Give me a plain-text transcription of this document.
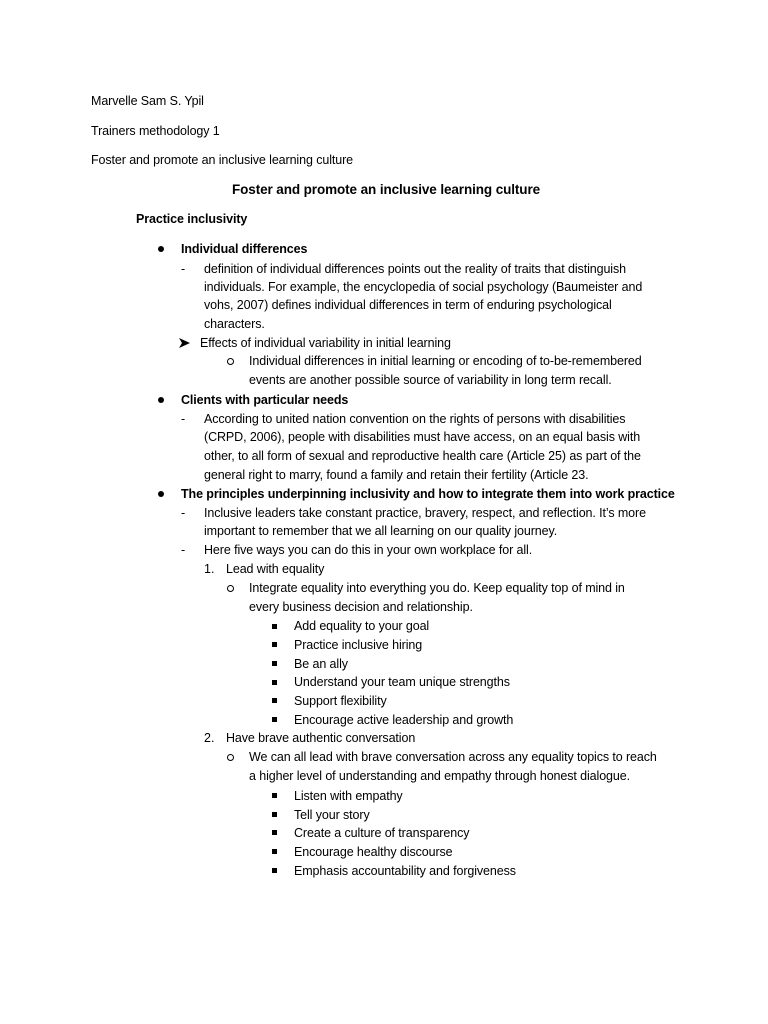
Marvelle Sam S. Ypil
Trainers methodology 1
Foster and promote an inclusive learning culture
Foster and promote an inclusive learning culture
Practice inclusivity
Individual differences
- definition of individual differences points out the reality of traits that distinguish
individuals. For example, the encyclopedia of social psychology (Baumeister and
vohs, 2007) defines individual differences in term of enduring psychological
characters.
Effects of individual variability in initial learning
Individual differences in initial learning or encoding of to-be-remembered
events are another possible source of variability in long term recall.
Clients with particular needs
- According to united nation convention on the rights of persons with disabilities
(CRPD, 2006), people with disabilities must have access, on an equal basis with
other, to all form of sexual and reproductive health care (Article 25) as part of the
general right to marry, found a family and retain their fertility (Article 23.
The principles underpinning inclusivity and how to integrate them into work practice
- Inclusive leaders take constant practice, bravery, respect, and reflection. It’s more
important to remember that we all learning on our quality journey.
- Here five ways you can do this in your own workplace for all.
1. Lead with equality
Integrate equality into everything you do. Keep equality top of mind in
every business decision and relationship.
Add equality to your goal
Practice inclusive hiring
Be an ally
Understand your team unique strengths
Support flexibility
Encourage active leadership and growth
2. Have brave authentic conversation
We can all lead with brave conversation across any equality topics to reach
a higher level of understanding and empathy through honest dialogue.
Listen with empathy
Tell your story
Create a culture of transparency
Encourage healthy discourse
Emphasis accountability and forgiveness
